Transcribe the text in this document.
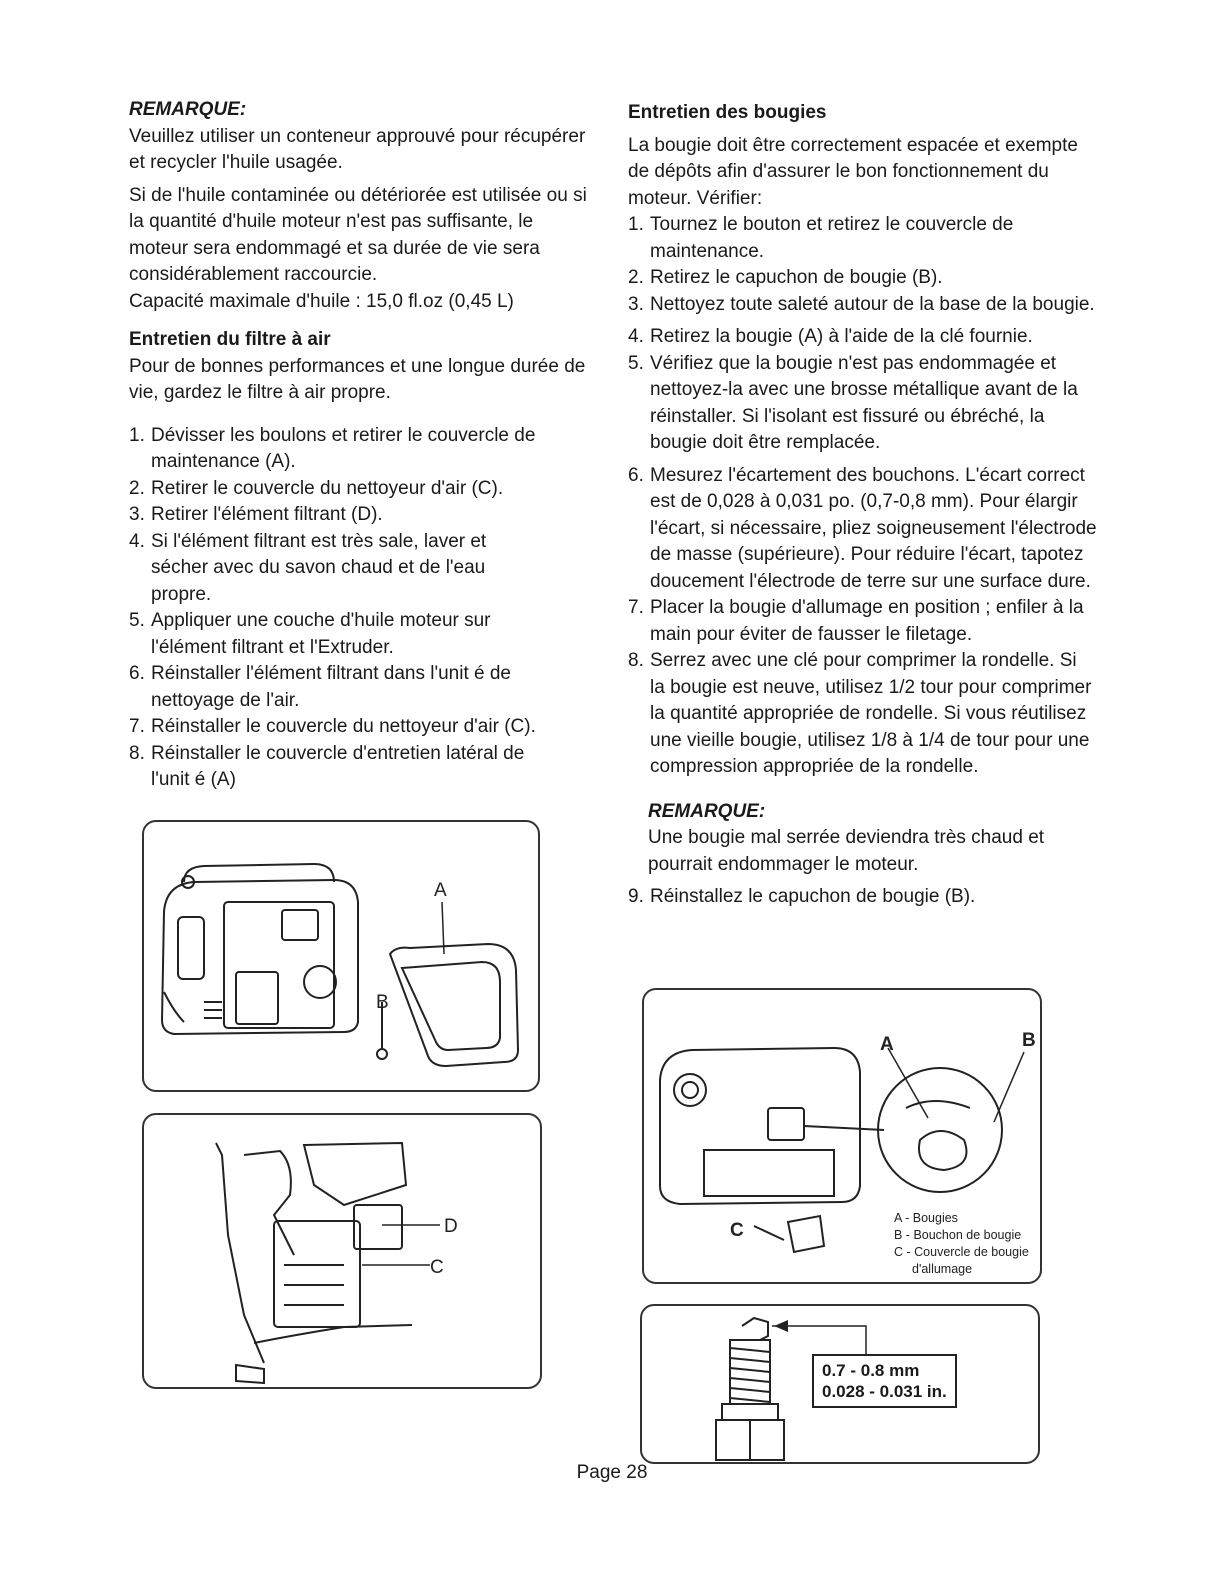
REMARQUE:

Veuillez utiliser un conteneur approuvé pour récupérer et recycler l'huile usagée.

Si de l'huile contaminée ou détériorée est utilisée ou si la quantité d'huile moteur n'est pas suffisante, le moteur sera endommagé et sa durée de vie sera considérablement raccourcie.

Capacité maximale d'huile : 15,0 fl.oz (0,45 L)

Entretien du filtre à air

Pour de bonnes performances et une longue durée de vie, gardez le filtre à air propre.

1. Dévisser les boulons et retirer le couvercle de maintenance (A).
2. Retirer le couvercle du nettoyeur d'air (C).
3. Retirer l'élément filtrant (D).
4. Si l'élément filtrant est très sale, laver et sécher avec du savon chaud et de l'eau propre.
5. Appliquer une couche d'huile moteur sur l'élément filtrant et l'Extruder.
6. Réinstaller l'élément filtrant dans l'unit é de nettoyage de l'air.
7. Réinstaller le couvercle du nettoyeur d'air (C).
8. Réinstaller le couvercle d'entretien latéral de l'unit é (A)

Entretien des bougies

La bougie doit être correctement espacée et exempte de dépôts afin d'assurer le bon fonctionnement du moteur. Vérifier:

1. Tournez le bouton et retirez le couvercle de maintenance.
2. Retirez le capuchon de bougie (B).
3. Nettoyez toute saleté autour de la base de la bougie.
4. Retirez la bougie (A) à l'aide de la clé fournie.
5. Vérifiez que la bougie n'est pas endommagée et nettoyez-la avec une brosse métallique avant de la réinstaller. Si l'isolant est fissuré ou ébréché, la bougie doit être remplacée.
6. Mesurez l'écartement des bouchons. L'écart correct est de 0,028 à 0,031 po. (0,7-0,8 mm). Pour élargir l'écart, si nécessaire, pliez soigneusement l'électrode de masse (supérieure). Pour réduire l'écart, tapotez doucement l'électrode de terre sur une surface dure.
7. Placer la bougie d'allumage en position ; enfiler à la main pour éviter de fausser le filetage.
8. Serrez avec une clé pour comprimer la rondelle. Si la bougie est neuve, utilisez 1/2 tour pour comprimer la quantité appropriée de rondelle. Si vous réutilisez une vieille bougie, utilisez 1/8 à 1/4 de tour pour une compression appropriée de la rondelle.

REMARQUE:

Une bougie mal serrée deviendra très chaud et pourrait endommager le moteur.

9. Réinstallez le capuchon de bougie (B).
A
B
D
C
A	B
C
A - Bougies
B - Bouchon de bougie
C - Couvercle de bougie
d'allumage
0.7 - 0.8 mm
0.028 - 0.031 in.
Page 28
